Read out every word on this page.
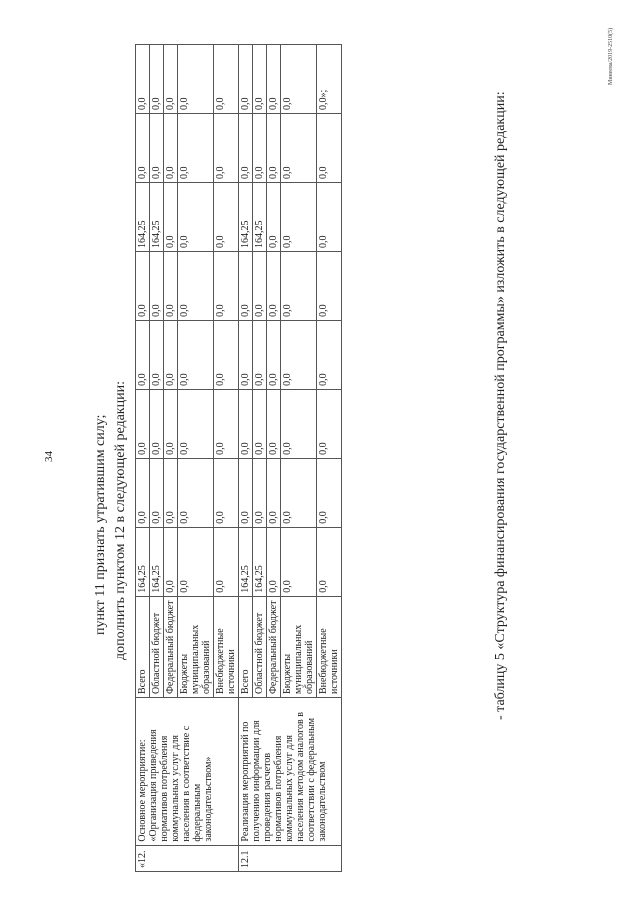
34	пункт 11 признать утратившим силу; дополнить пунктом 12 в следующей редакции:
«12.	Основное мероприятие: «Организация приведения нормативов потребления коммунальных услуг для населения в соответствие с федеральным законодательством»	Всего	164,25	0,0	0,0	0,0	0,0	164,25	0,0	0,0
		Областной бюджет	164,25	0,0	0,0	0,0	0,0	164,25	0,0	0,0
		Федеральный бюджет	0,0	0,0	0,0	0,0	0,0	0,0	0,0	0,0
		Бюджеты муниципальных образований	0,0	0,0	0,0	0,0	0,0	0,0	0,0	0,0
		Внебюджетные источники	0,0	0,0	0,0	0,0	0,0	0,0	0,0	0,0
12.1	Реализация мероприятий по получению информации для проведения расчетов нормативов потребления коммунальных услуг для населения методом аналогов в соответствии с федеральным законодательством	Всего	164,25	0,0	0,0	0,0	0,0	164,25	0,0	0,0
		Областной бюджет	164,25	0,0	0,0	0,0	0,0	164,25	0,0	0,0
		Федеральный бюджет	0,0	0,0	0,0	0,0	0,0	0,0	0,0	0,0
		Бюджеты муниципальных образований	0,0	0,0	0,0	0,0	0,0	0,0	0,0	0,0
		Внебюджетные источники	0,0	0,0	0,0	0,0	0,0	0,0	0,0	0,0»;	- таблицу 5 «Структура финансирования государственной программы» изложить в следующей редакции:
Минеева/2019-2510(5)
